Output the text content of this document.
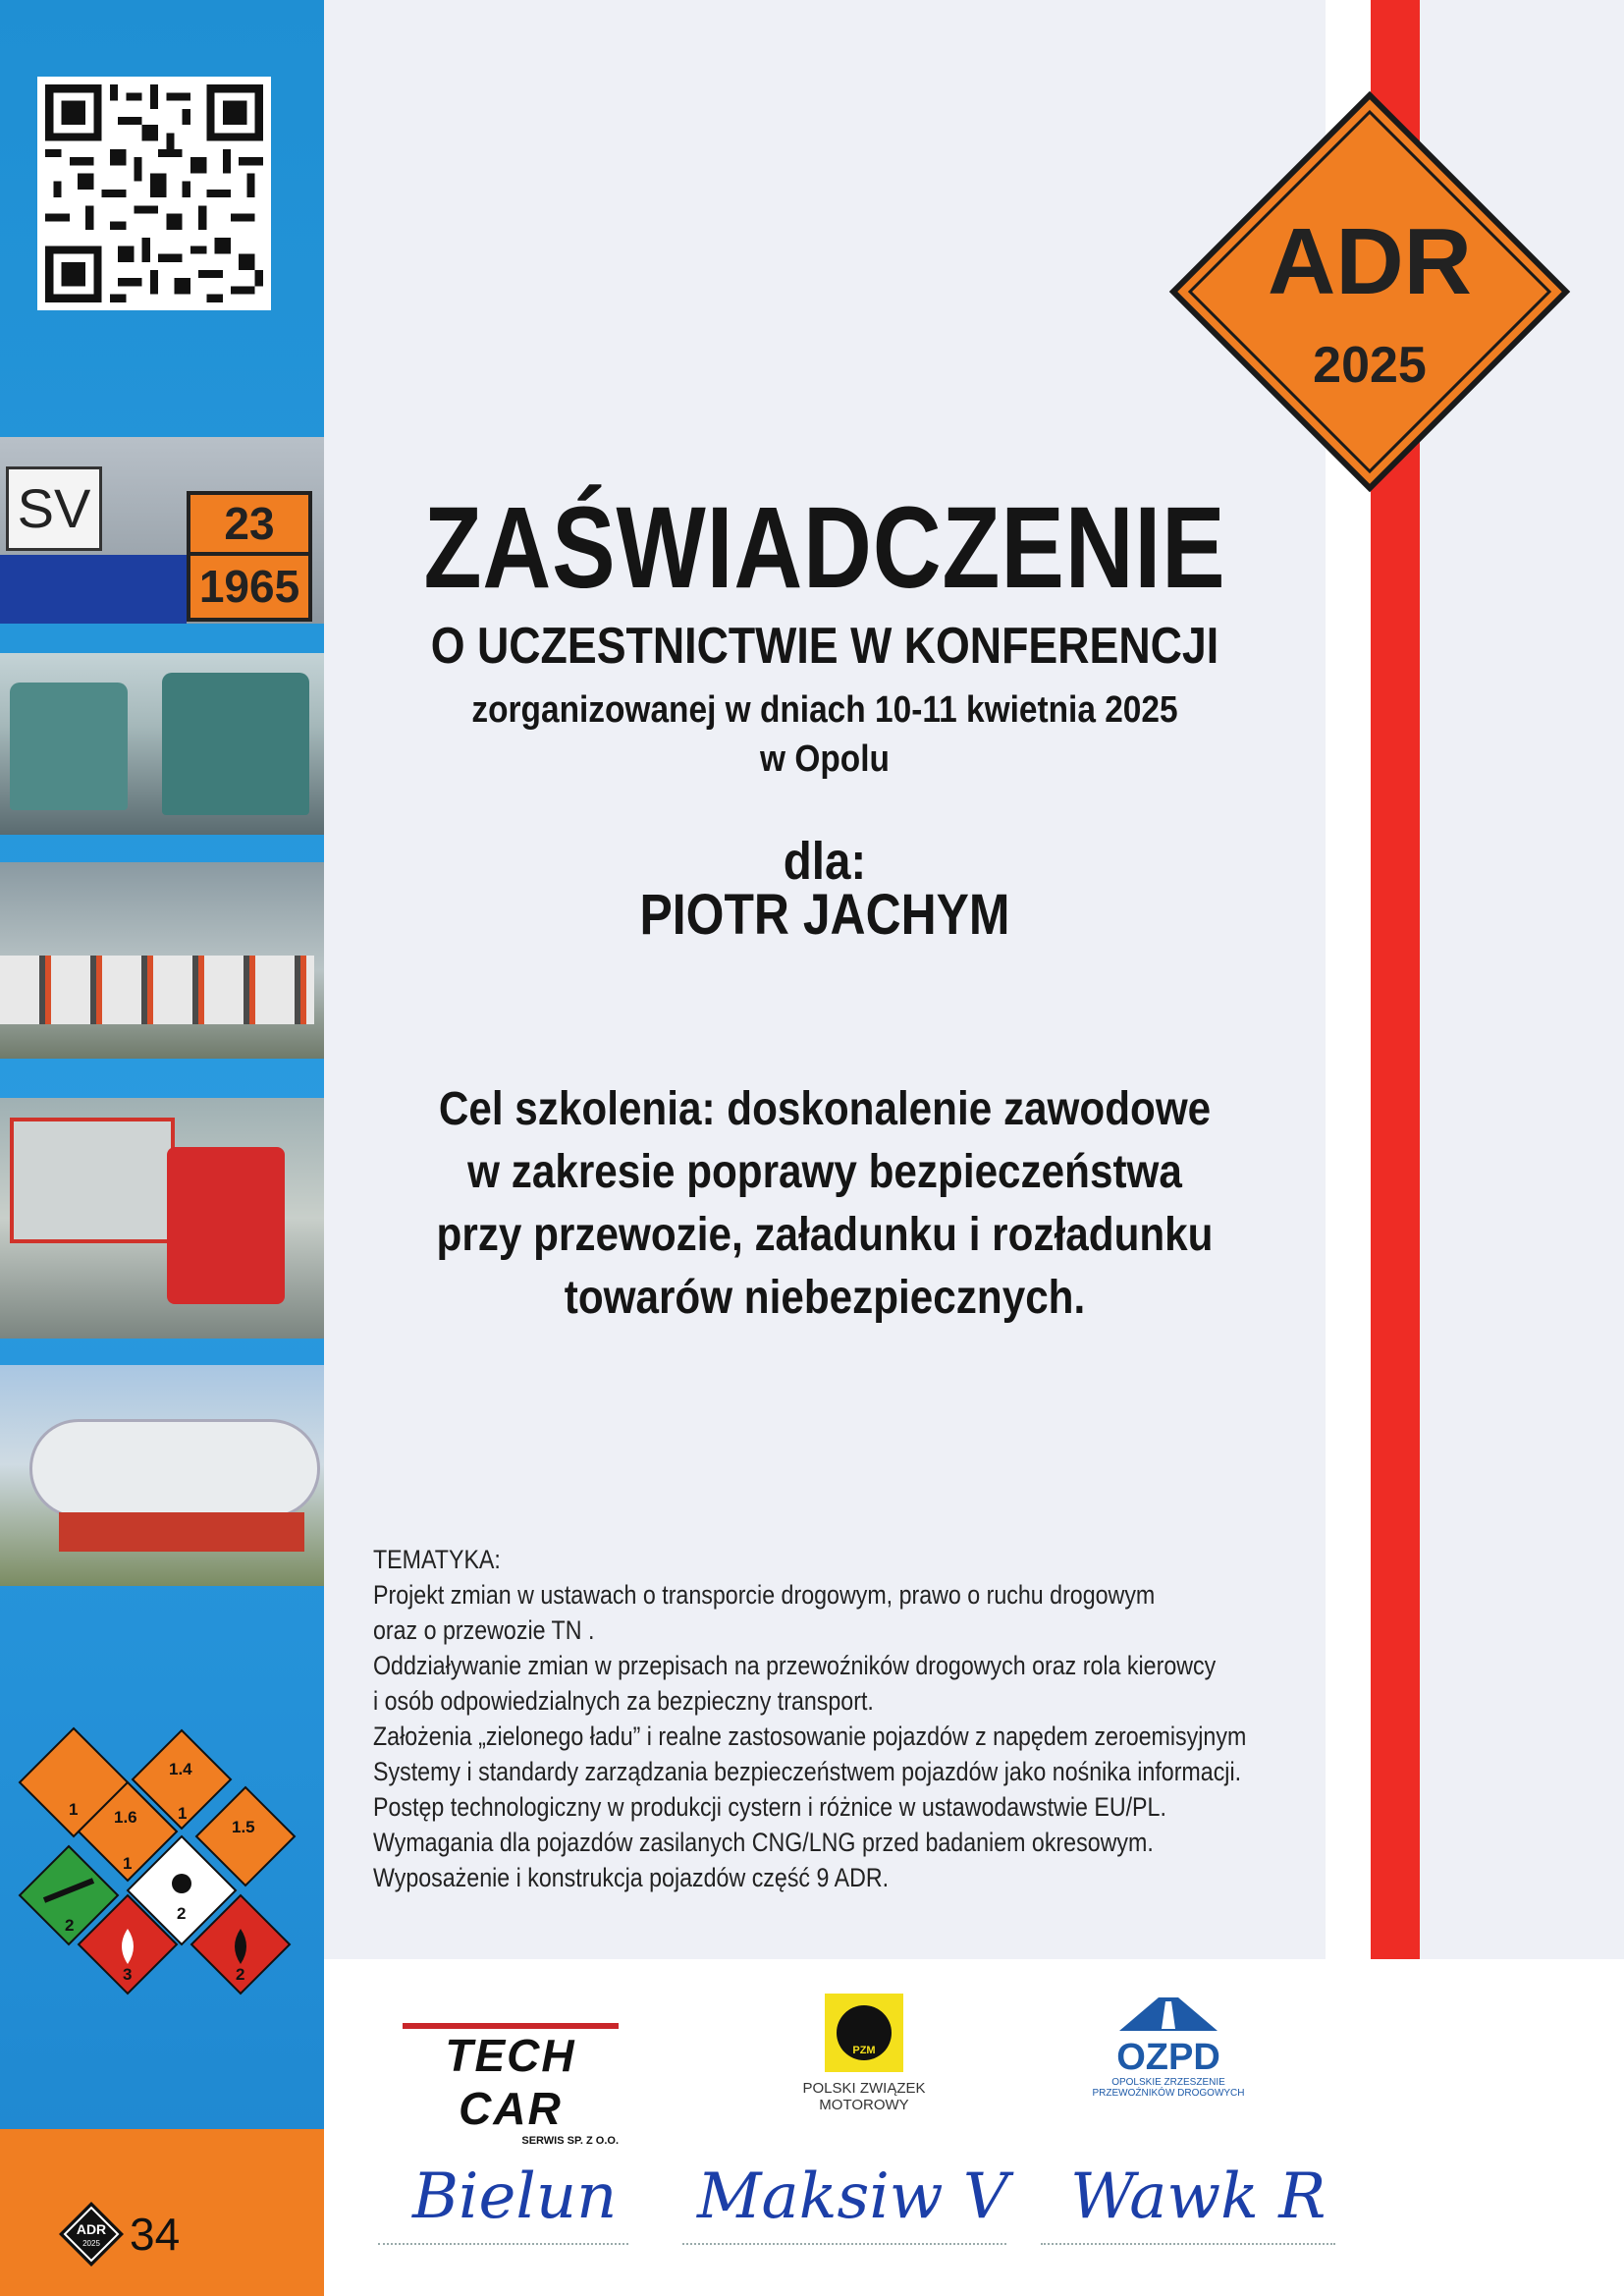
SV	23
1965
1
1.4
1.6 1
1.5
1
2
2
2
3
ADR
2025
ZAŚWIADCZENIE
O UCZESTNICTWIE W KONFERENCJI
zorganizowanej w dniach 10-11 kwietnia 2025
w Opolu
dla:
PIOTR JACHYM
Cel szkolenia: doskonalenie zawodowe
w zakresie poprawy bezpieczeństwa
przy przewozie, załadunku i rozładunku
towarów niebezpiecznych.
TEMATYKA:
Projekt zmian w ustawach o transporcie drogowym, prawo o ruchu drogowym
oraz o przewozie TN .
Oddziaływanie zmian w przepisach na przewoźników drogowych oraz rola kierowcy
i osób odpowiedzialnych za bezpieczny transport.
Założenia „zielonego ładu” i realne zastosowanie pojazdów z napędem zeroemisyjnym
Systemy i standardy zarządzania bezpieczeństwem pojazdów jako nośnika informacji.
Postęp technologiczny w produkcji cystern i różnice w ustawodawstwie EU/PL.
Wymagania dla pojazdów zasilanych CNG/LNG przed badaniem okresowym.
Wyposażenie i konstrukcja pojazdów część 9 ADR.
TECH CAR
SERWIS SP. Z O.O.
PZM
POLSKI ZWIĄZEK
MOTOROWY
OZPD
OPOLSKIE ZRZESZENIE
PRZEWOŹNIKÓW DROGOWYCH
Bielun Maksiw V Wawk R
ADR
2025 34
